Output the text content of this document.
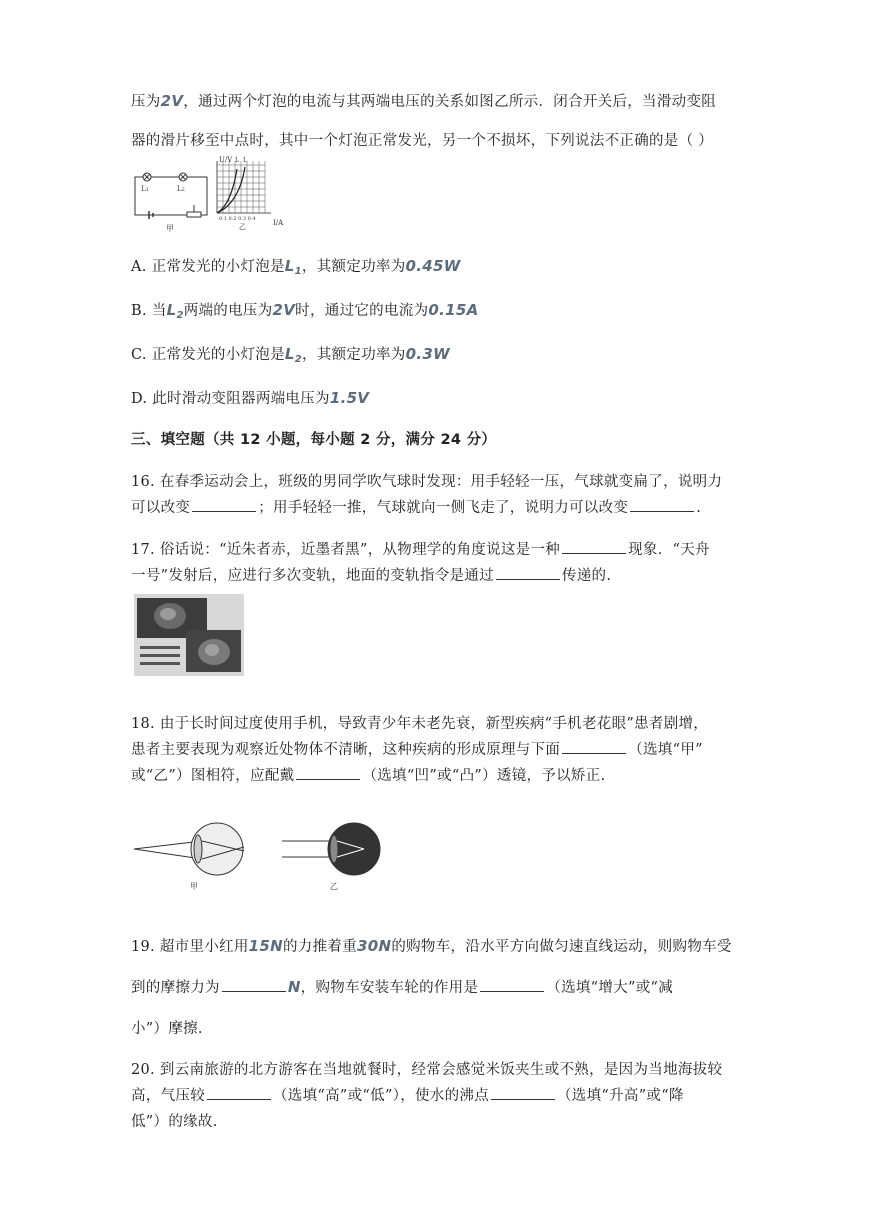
压为2V，通过两个灯泡的电流与其两端电压的关系如图乙所示．闭合开关后，当滑动变阻
器的滑片移至中点时，其中一个灯泡正常发光，另一个不损坏，下列说法不正确的是（ ）
L1	L2
甲
U/V L L
0.1 0.2 0.3 0.4
乙	I/A
A. 正常发光的小灯泡是$L_1$，其额定功率为0.45W
B. 当$L_2$两端的电压为2V时，通过它的电流为0.15A
C. 正常发光的小灯泡是$L_2$，其额定功率为0.3W
D. 此时滑动变阻器两端电压为1.5V
三、填空题（共 12 小题，每小题 2 分，满分 24 分）
16. 在春季运动会上，班级的男同学吹气球时发现：用手轻轻一压，气球就变扁了，说明力
可以改变	；用手轻轻一推，气球就向一侧飞走了，说明力可以改变	.
17. 俗话说：“近朱者赤，近墨者黑”，从物理学的角度说这是一种	现象．“天舟
一号”发射后，应进行多次变轨，地面的变轨指令是通过	传递的.
18. 由于长时间过度使用手机，导致青少年未老先衰，新型疾病“手机老花眼”患者剧增，
患者主要表现为观察近处物体不清晰，这种疾病的形成原理与下面	（选填“甲”
或“乙”）图相符，应配戴	（选填“凹”或“凸”）透镜，予以矫正.
甲	乙
19. 超市里小红用15N的力推着重30N的购物车，沿水平方向做匀速直线运动，则购物车受
到的摩擦力为	N，购物车安装车轮的作用是	（选填“增大”或“减
小”）摩擦.
20. 到云南旅游的北方游客在当地就餐时，经常会感觉米饭夹生或不熟，是因为当地海拔较
高，气压较	（选填“高”或“低”），使水的沸点	（选填“升高”或“降
低”）的缘故.
